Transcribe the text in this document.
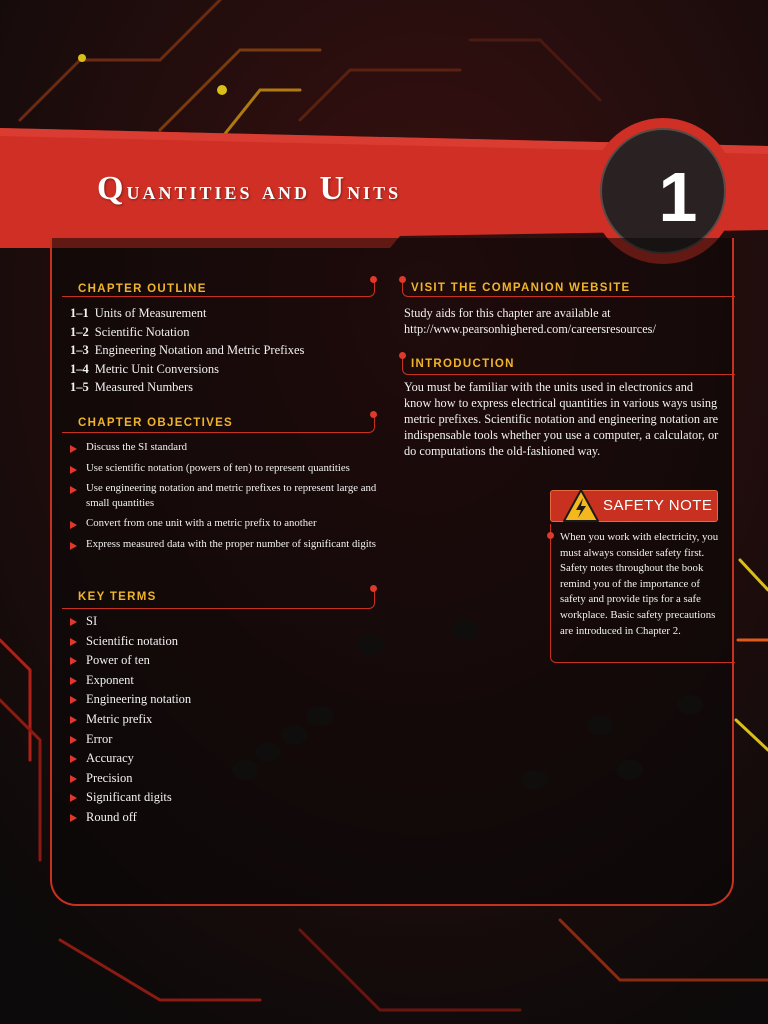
Quantities and Units	1
CHAPTER OUTLINE
1–1 Units of Measurement
1–2 Scientific Notation
1–3 Engineering Notation and Metric Prefixes
1–4 Metric Unit Conversions
1–5 Measured Numbers
CHAPTER OBJECTIVES
Discuss the SI standard
Use scientific notation (powers of ten) to represent quantities
Use engineering notation and metric prefixes to represent large and small quantities
Convert from one unit with a metric prefix to another
Express measured data with the proper number of significant digits
KEY TERMS
SI
Scientific notation
Power of ten
Exponent
Engineering notation
Metric prefix
Error
Accuracy
Precision
Significant digits
Round off
VISIT THE COMPANION WEBSITE

Study aids for this chapter are available at

http://www.pearsonhighered.com/careersresources/

INTRODUCTION

You must be familiar with the units used in electronics and know how to express electrical quantities in various ways using metric prefixes. Scientific notation and engineering notation are indispensable tools whether you use a computer, a calculator, or do computations the old-fashioned way.

SAFETY NOTE

When you work with electricity, you must always consider safety first. Safety notes throughout the book remind you of the importance of safety and provide tips for a safe workplace. Basic safety precautions are introduced in Chapter 2.
